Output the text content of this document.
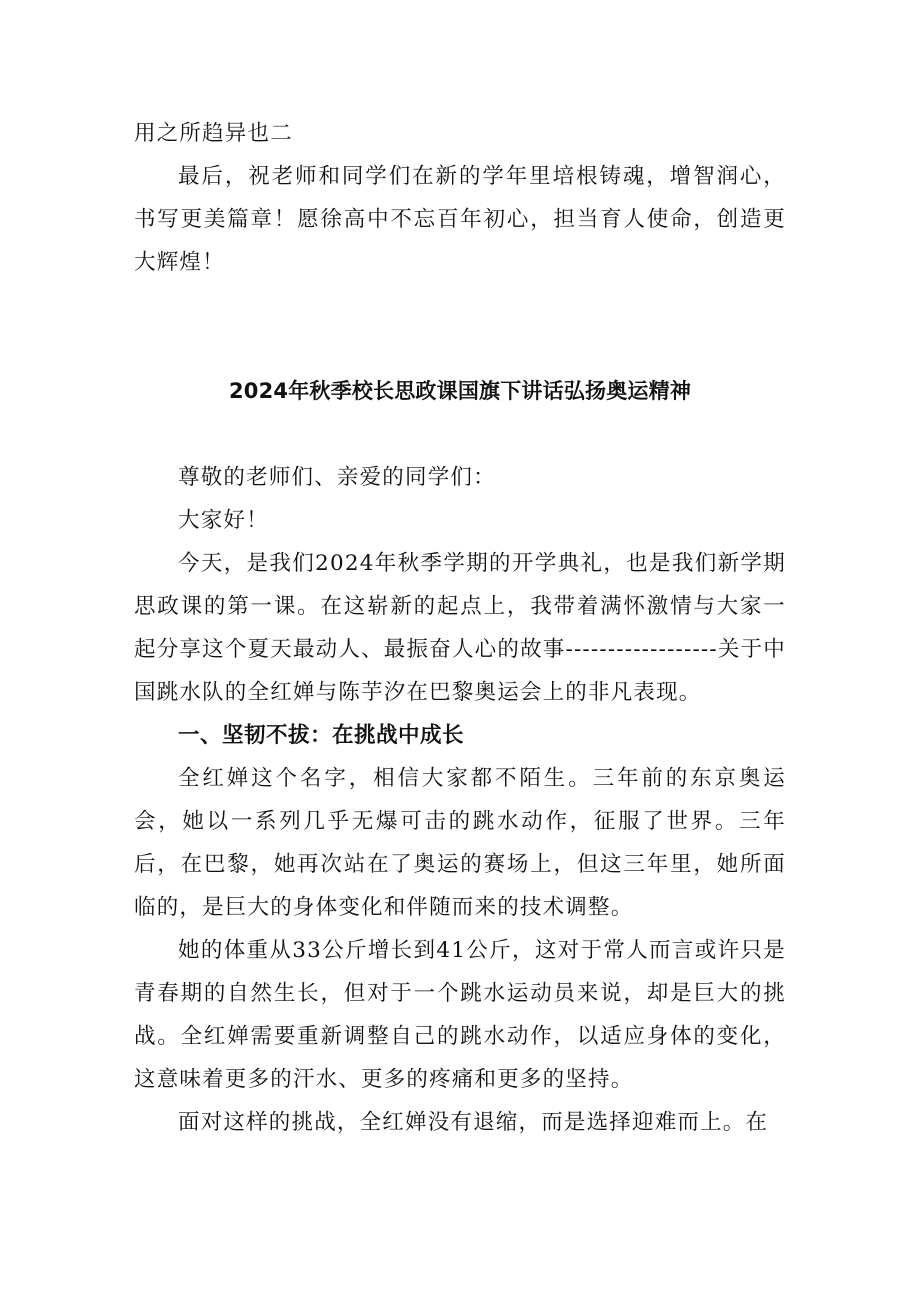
用之所趋异也二

最后，祝老师和同学们在新的学年里培根铸魂，增智润心，书写更美篇章！愿徐高中不忘百年初心，担当育人使命，创造更大辉煌！

2024年秋季校长思政课国旗下讲话弘扬奥运精神

尊敬的老师们、亲爱的同学们：

大家好！

今天，是我们2024年秋季学期的开学典礼，也是我们新学期思政课的第一课。在这崭新的起点上，我带着满怀激情与大家一起分享这个夏天最动人、最振奋人心的故事------------------关于中国跳水队的全红婵与陈芋汐在巴黎奥运会上的非凡表现。

一、坚韧不拔：在挑战中成长

全红婵这个名字，相信大家都不陌生。三年前的东京奥运会，她以一系列几乎无爆可击的跳水动作，征服了世界。三年后，在巴黎，她再次站在了奥运的赛场上，但这三年里，她所面临的，是巨大的身体变化和伴随而来的技术调整。

她的体重从33公斤增长到41公斤，这对于常人而言或许只是青春期的自然生长，但对于一个跳水运动员来说，却是巨大的挑战。全红婵需要重新调整自己的跳水动作，以适应身体的变化，这意味着更多的汗水、更多的疼痛和更多的坚持。

面对这样的挑战，全红婵没有退缩，而是选择迎难而上。在
